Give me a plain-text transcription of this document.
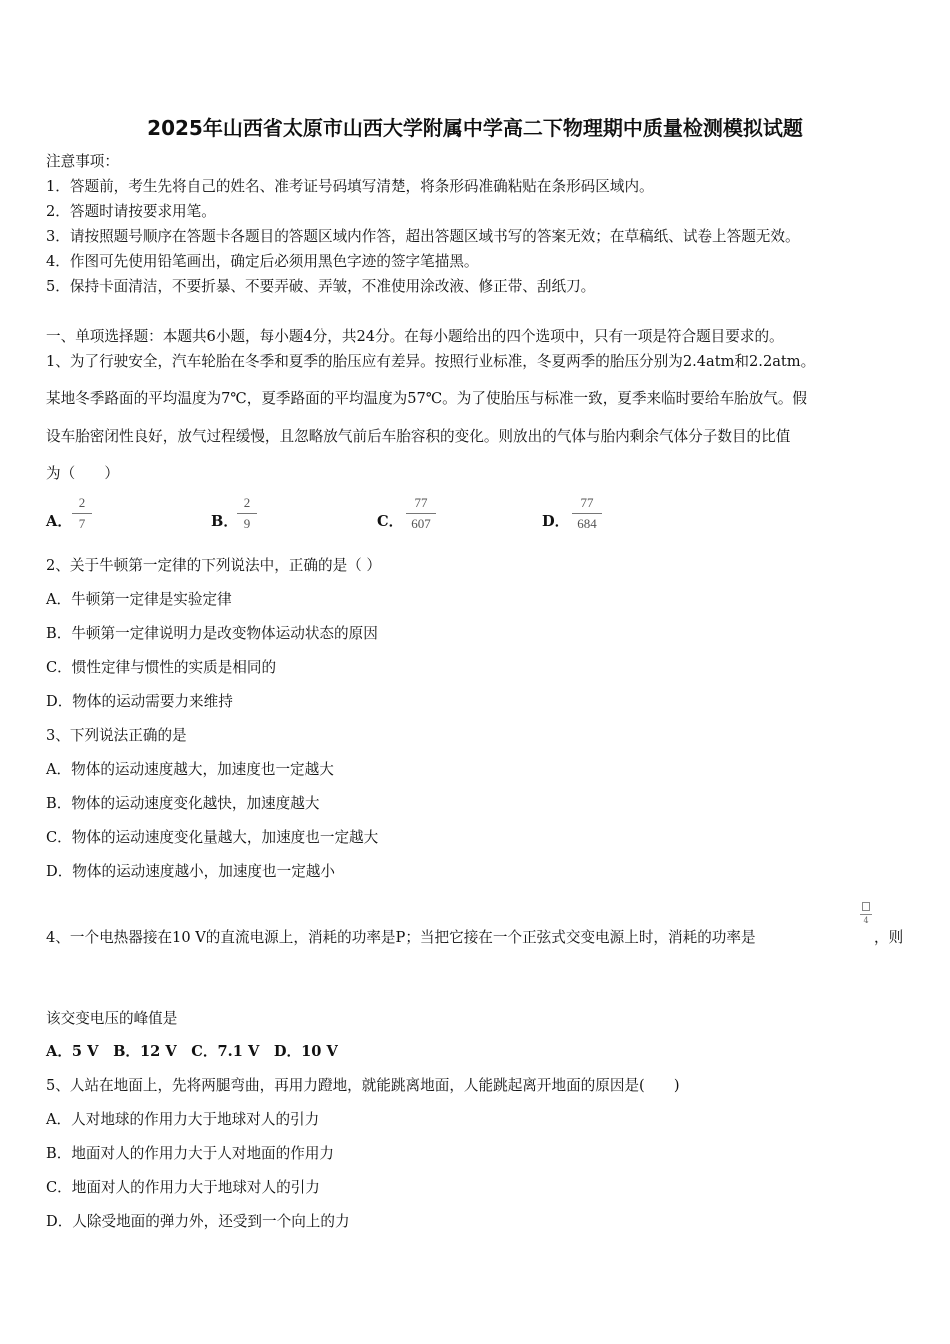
2025年山西省太原市山西大学附属中学高二下物理期中质量检测模拟试题
注意事项：
1．答题前，考生先将自己的姓名、准考证号码填写清楚，将条形码准确粘贴在条形码区域内。
2．答题时请按要求用笔。
3．请按照题号顺序在答题卡各题目的答题区域内作答，超出答题区域书写的答案无效；在草稿纸、试卷上答题无效。
4．作图可先使用铅笔画出，确定后必须用黑色字迹的签字笔描黑。
5．保持卡面清洁，不要折暴、不要弄破、弄皱，不准使用涂改液、修正带、刮纸刀。
一、单项选择题：本题共6小题，每小题4分，共24分。在每小题给出的四个选项中，只有一项是符合题目要求的。
1、为了行驶安全，汽车轮胎在冬季和夏季的胎压应有差异。按照行业标准，冬夏两季的胎压分别为2.4atm和2.2atm。
某地冬季路面的平均温度为7℃，夏季路面的平均温度为57℃。为了使胎压与标准一致，夏季来临时要给车胎放气。假
设车胎密闭性良好，放气过程缓慢，且忽略放气前后车胎容积的变化。则放出的气体与胎内剩余气体分子数目的比值
为（　　）
A．
2
7	B．
2
9	C．
77
607	D．
77
684
2、关于牛顿第一定律的下列说法中，正确的是（ ）
A．牛顿第一定律是实验定律
B．牛顿第一定律说明力是改变物体运动状态的原因
C．惯性定律与惯性的实质是相同的
D．物体的运动需要力来维持
3、下列说法正确的是
A．物体的运动速度越大，加速度也一定越大
B．物体的运动速度变化越快，加速度越大
C．物体的运动速度变化量越大，加速度也一定越大
D．物体的运动速度越小，加速度也一定越小
4、一个电热器接在10 V的直流电源上，消耗的功率是P；当把它接在一个正弦式交变电源上时，消耗的功率是
4
，则
该交变电压的峰值是
A．5 V　B．12 V　C．7.1 V　D．10 V
5、人站在地面上，先将两腿弯曲，再用力蹬地，就能跳离地面，人能跳起离开地面的原因是(　　)
A．人对地球的作用力大于地球对人的引力
B．地面对人的作用力大于人对地面的作用力
C．地面对人的作用力大于地球对人的引力
D．人除受地面的弹力外，还受到一个向上的力
